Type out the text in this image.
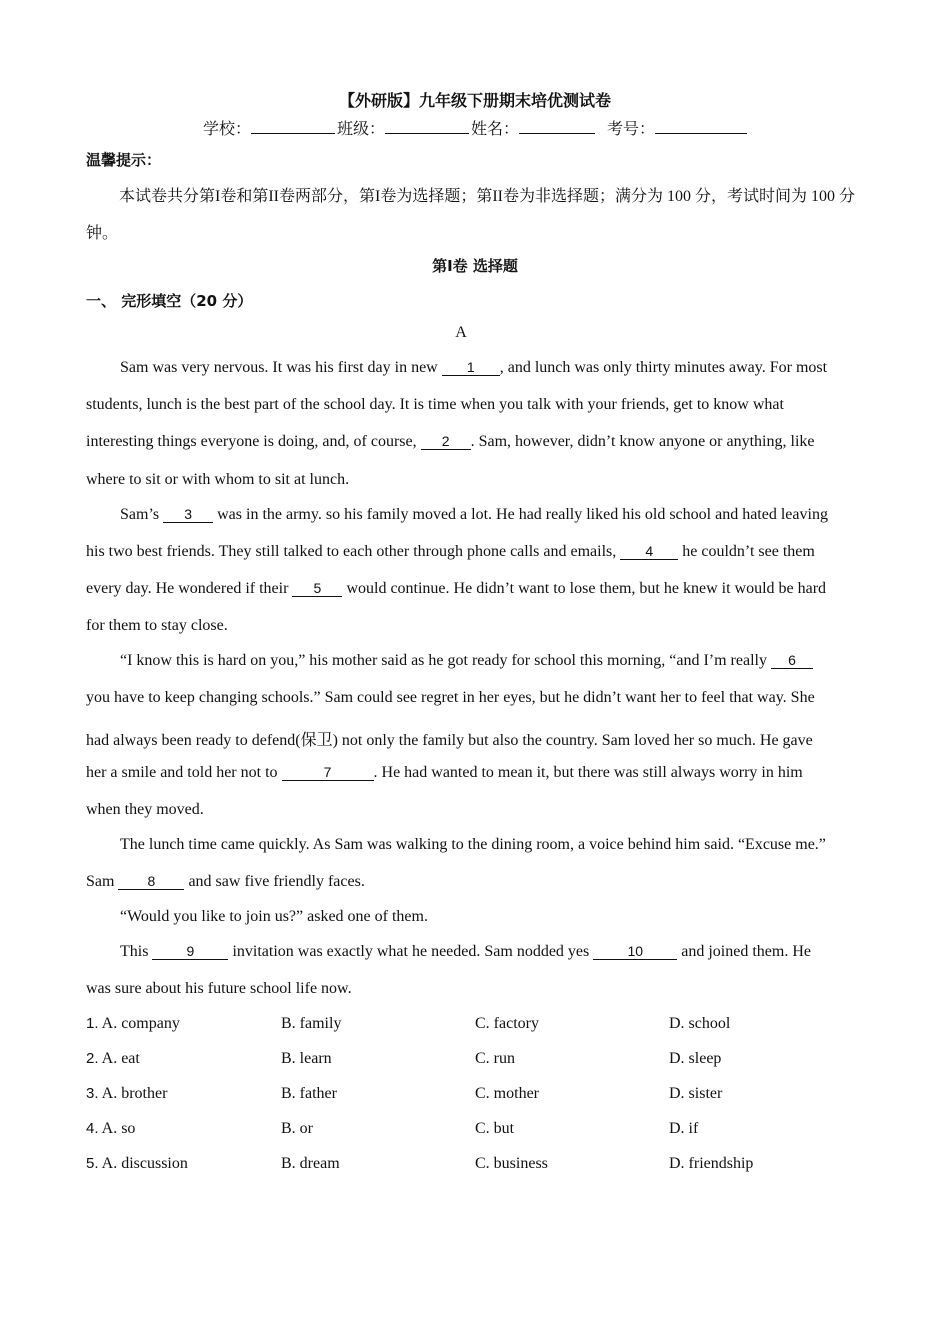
【外研版】九年级下册期末培优测试卷
学校：	班级：	姓名：	考号：
温馨提示：
本试卷共分第I卷和第II卷两部分，第I卷为选择题；第II卷为非选择题；满分为 100 分，考试时间为 100 分钟。
第I卷 选择题
一、 完形填空（20 分）
A
Sam was very nervous. It was his first day in new 1 , and lunch was only thirty minutes away. For most
students, lunch is the best part of the school day. It is time when you talk with your friends, get to know what
interesting things everyone is doing, and, of course, 2 . Sam, however, didn’t know anyone or anything, like
where to sit or with whom to sit at lunch.
Sam’s 3 was in the army. so his family moved a lot. He had really liked his old school and hated leaving
his two best friends. They still talked to each other through phone calls and emails, 4 he couldn’t see them
every day. He wondered if their 5 would continue. He didn’t want to lose them, but he knew it would be hard
for them to stay close.
“I know this is hard on you,” his mother said as he got ready for school this morning, “and I’m really 6
you have to keep changing schools.” Sam could see regret in her eyes, but he didn’t want her to feel that way. She
had always been ready to defend(保卫) not only the family but also the country. Sam loved her so much. He gave
her a smile and told her not to	7	. He had wanted to mean it, but there was still always worry in him
when they moved.
The lunch time came quickly. As Sam was walking to the dining room, a voice behind him said. “Excuse me.”
Sam 8 and saw five friendly faces.
“Would you like to join us?” asked one of them.
This 9 invitation was exactly what he needed. Sam nodded yes 10 and joined them. He
was sure about his future school life now.
1. A. company	B. family	C. factory	D. school
2. A. eat	B. learn	C. run	D. sleep
3. A. brother	B. father	C. mother	D. sister
4. A. so	B. or	C. but	D. if
5. A. discussion	B. dream	C. business	D. friendship
